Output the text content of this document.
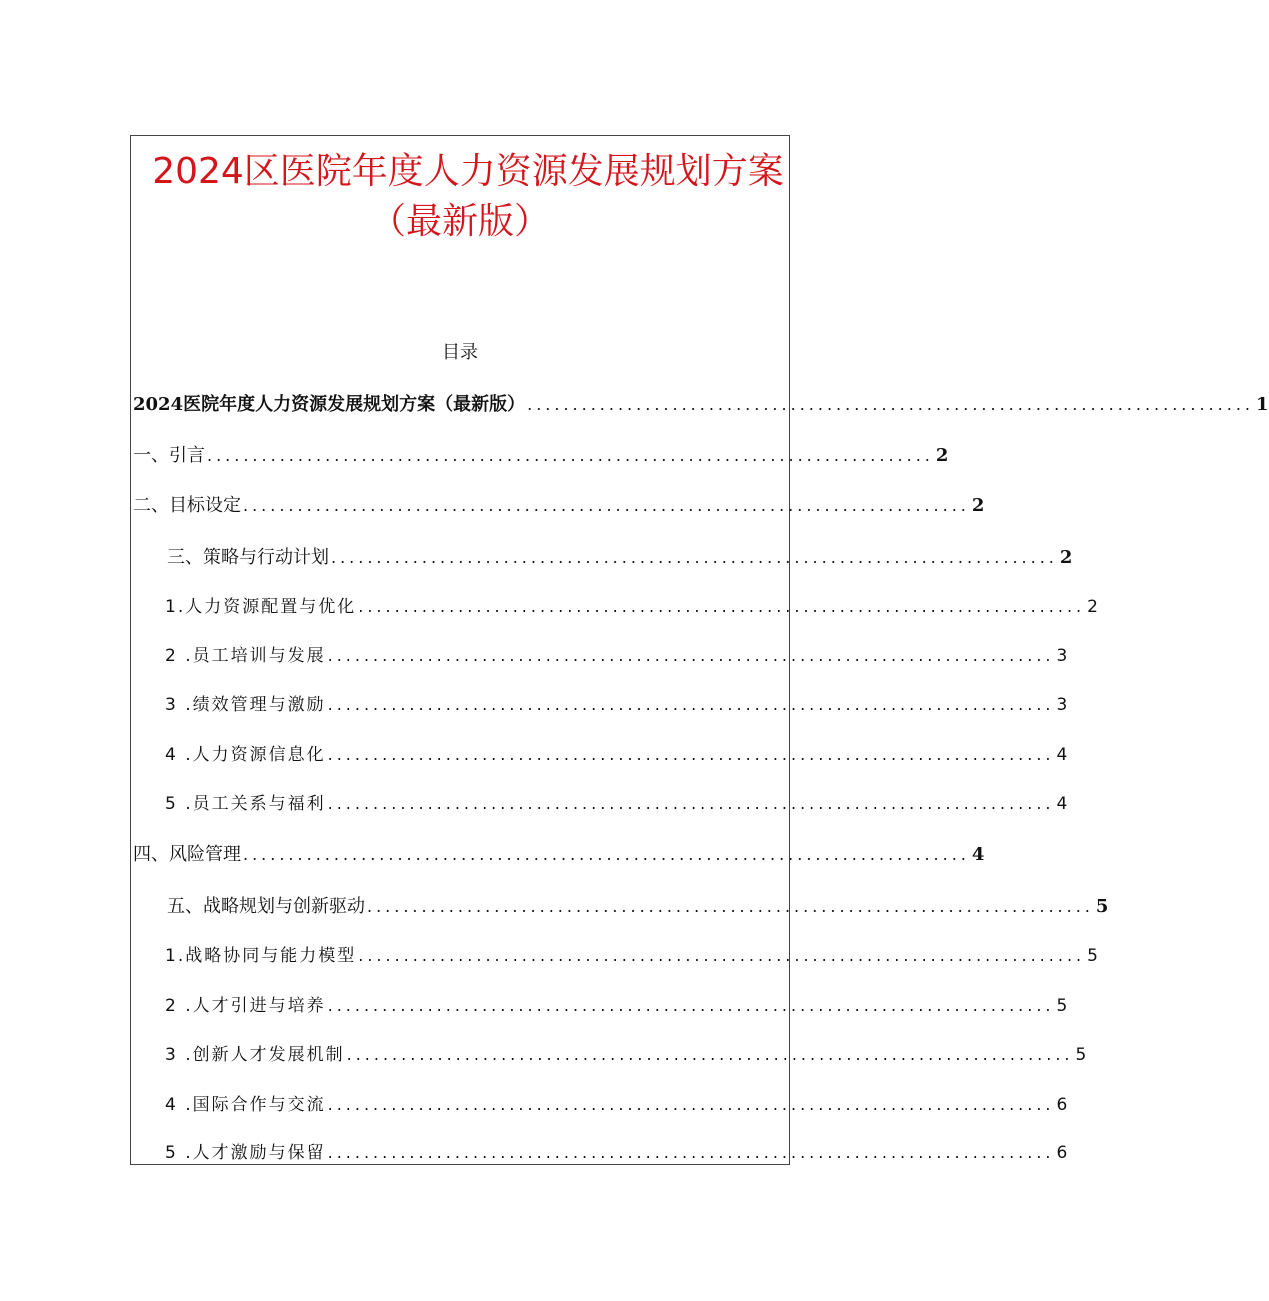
2024区医院年度人力资源发展规划方案
（最新版）
目录
2024医院年度人力资源发展规划方案（最新版） ................................................................................ 1
一、引言 ................................................................................ 2
二、目标设定 ................................................................................ 2
三、策略与行动计划 ................................................................................ 2
1.人力资源配置与优化 ................................................................................ 2
2 .员工培训与发展 ................................................................................ 3
3 .绩效管理与激励 ................................................................................ 3
4 .人力资源信息化 ................................................................................ 4
5 .员工关系与福利 ................................................................................ 4
四、风险管理 ................................................................................ 4
五、战略规划与创新驱动 ................................................................................ 5
1.战略协同与能力模型 ................................................................................ 5
2 .人才引进与培养 ................................................................................ 5
3 .创新人才发展机制 ................................................................................ 5
4 .国际合作与交流 ................................................................................ 6
5 .人才激励与保留 ................................................................................ 6
